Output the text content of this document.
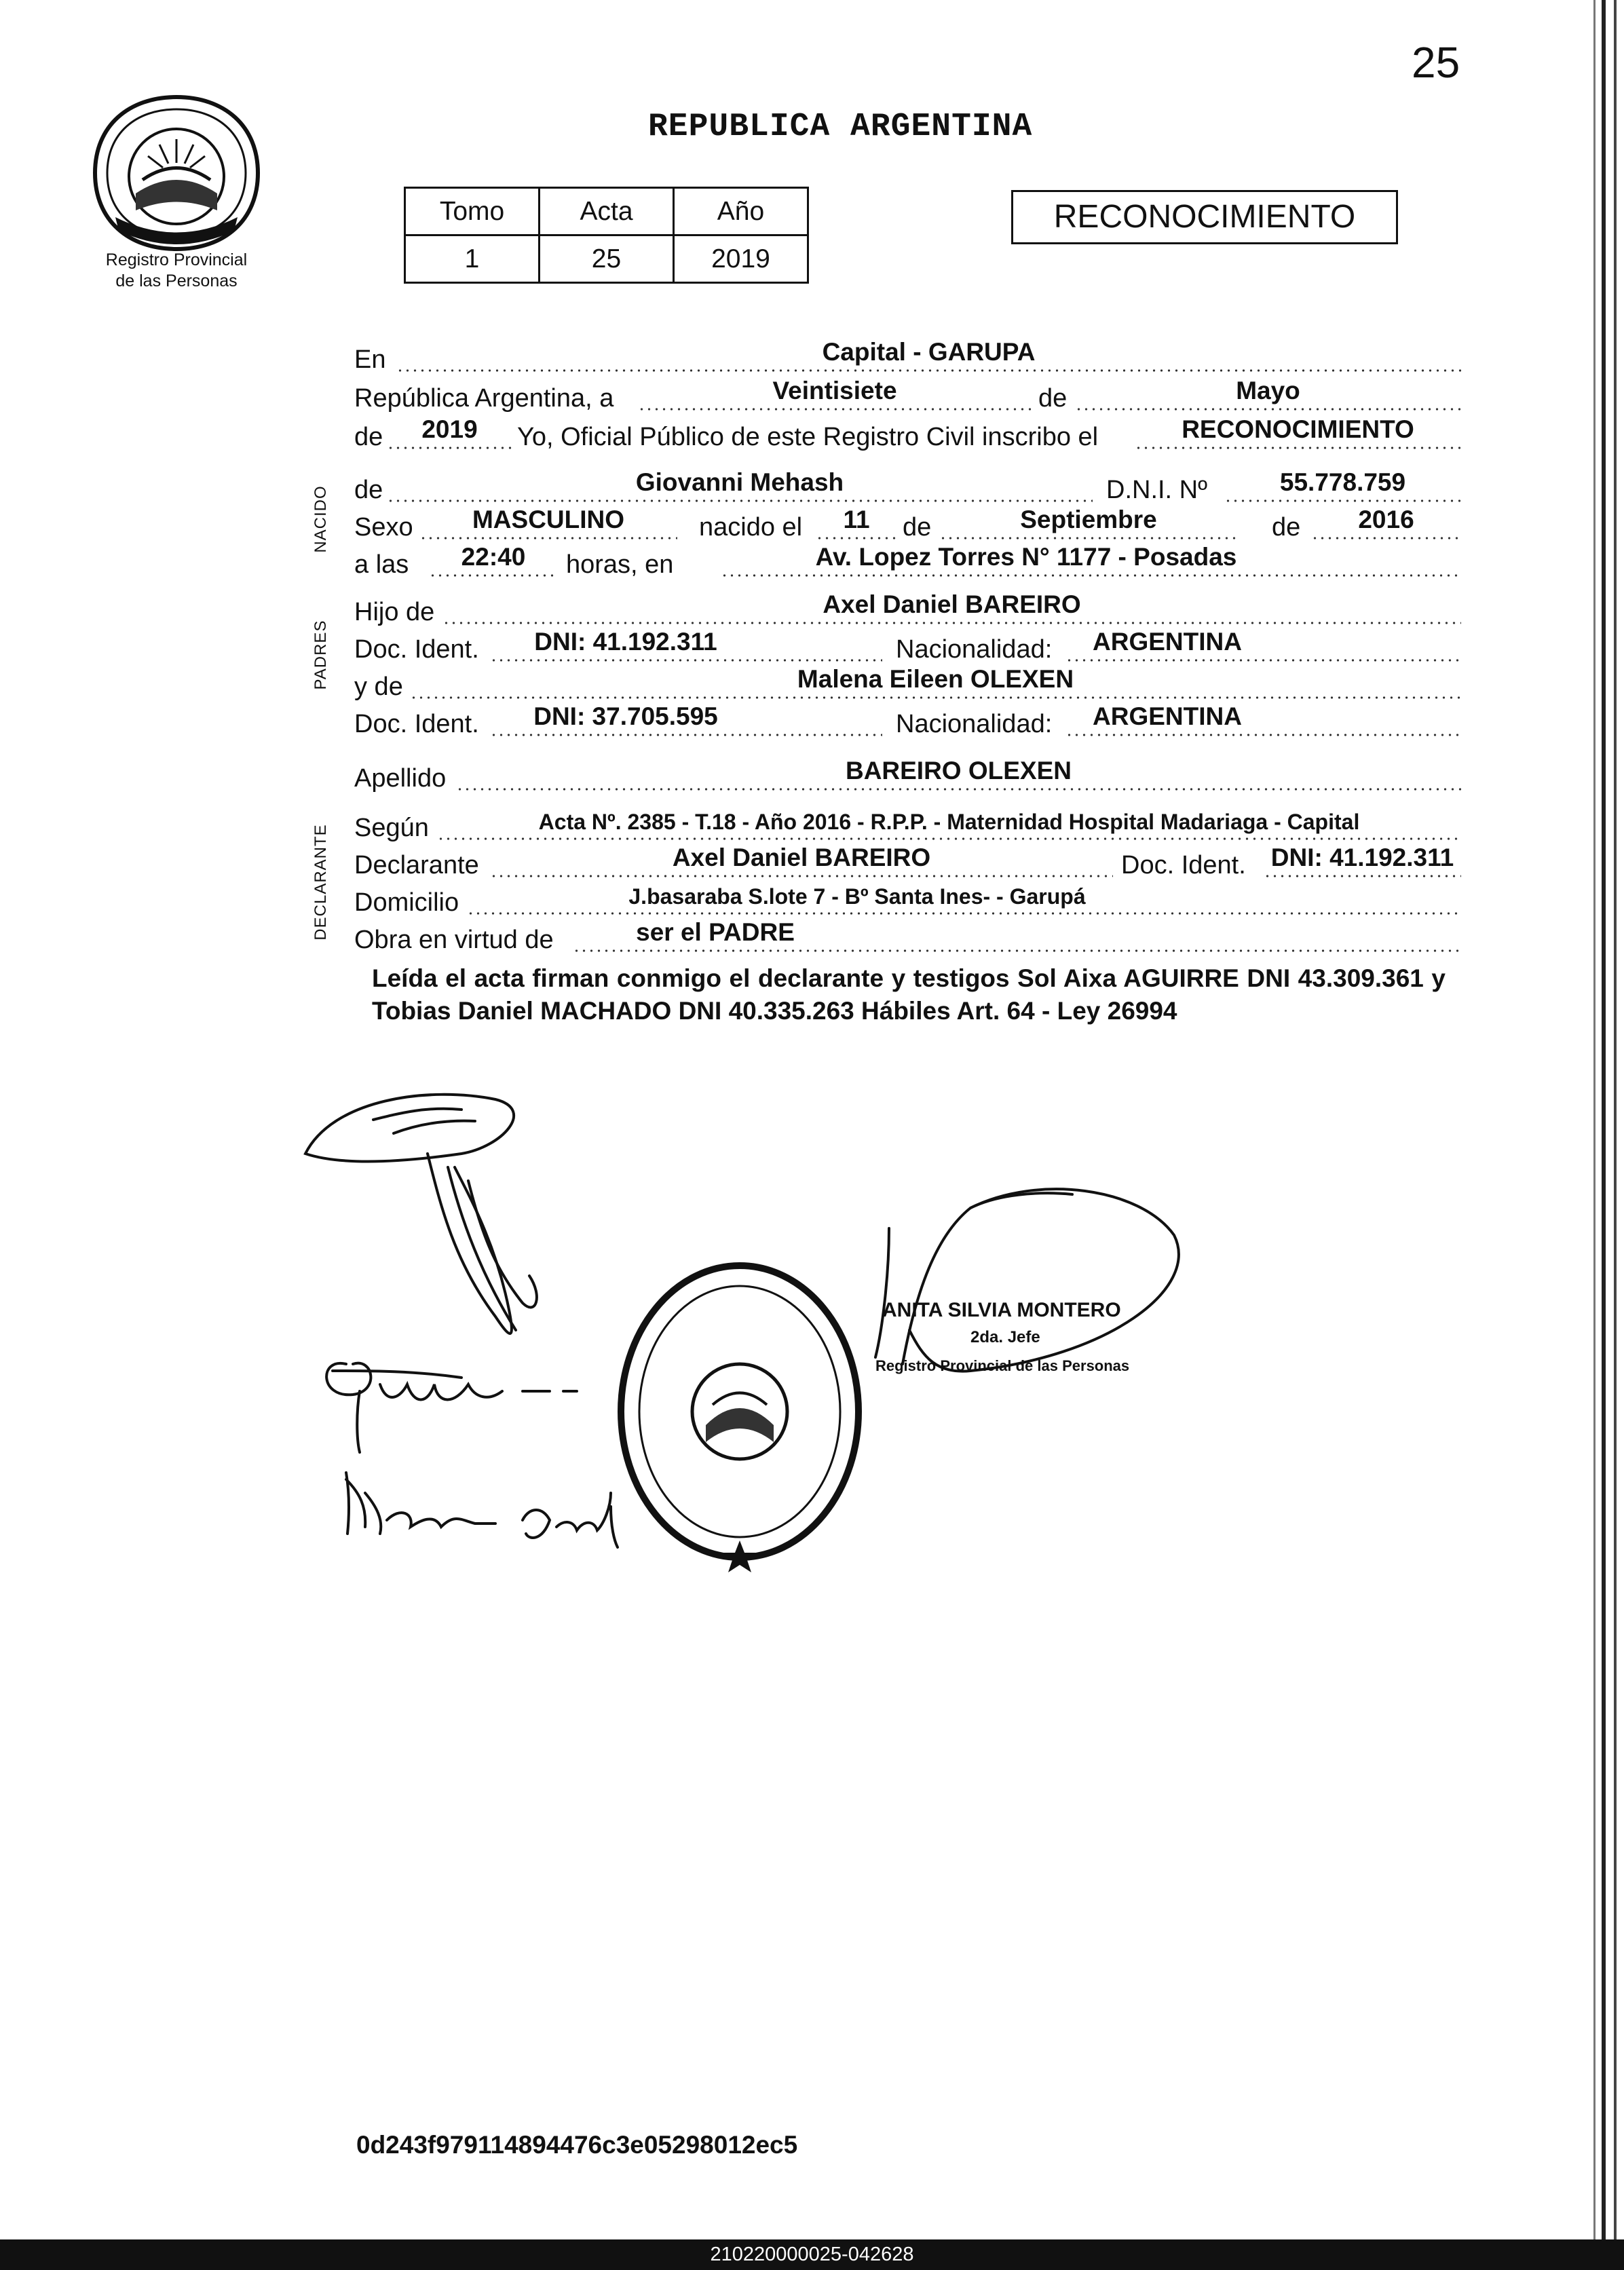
25
REPUBLICA ARGENTINA
Registro Provincial
de las Personas
Tomo	Acta	Año
1	25	2019
RECONOCIMIENTO
NACIDO
PADRES
DECLARANTE
En	Capital - GARUPA
República Argentina, a	Veintisiete	de	Mayo
de	2019	Yo, Oficial Público de este Registro Civil inscribo el	RECONOCIMIENTO
de	Giovanni Mehash	D.N.I. Nº	55.778.759
Sexo	MASCULINO	nacido el	11	de	Septiembre	de	2016
a las	22:40	horas, en	Av. Lopez Torres N° 1177 - Posadas
Hijo de	Axel Daniel BAREIRO
Doc. Ident.	DNI: 41.192.311	Nacionalidad:	ARGENTINA
y de	Malena Eileen OLEXEN
Doc. Ident.	DNI: 37.705.595	Nacionalidad:	ARGENTINA
Apellido	BAREIRO OLEXEN
Según	Acta Nº. 2385 - T.18 - Año 2016 - R.P.P. - Maternidad Hospital Madariaga - Capital
Declarante	Axel Daniel BAREIRO	Doc. Ident. DNI: 41.192.311
Domicilio	J.basaraba S.lote 7 - Bº Santa Ines- - Garupá
Obra en virtud de	ser el PADRE
Leída el acta firman conmigo el declarante y testigos Sol Aixa AGUIRRE DNI 43.309.361 y Tobias Daniel MACHADO DNI 40.335.263 Hábiles Art. 64 - Ley 26994
ANITA SILVIA MONTERO
2da. Jefe
Registro Provincial de las Personas
0d243f979114894476c3e05298012ec5
210220000025-042628
